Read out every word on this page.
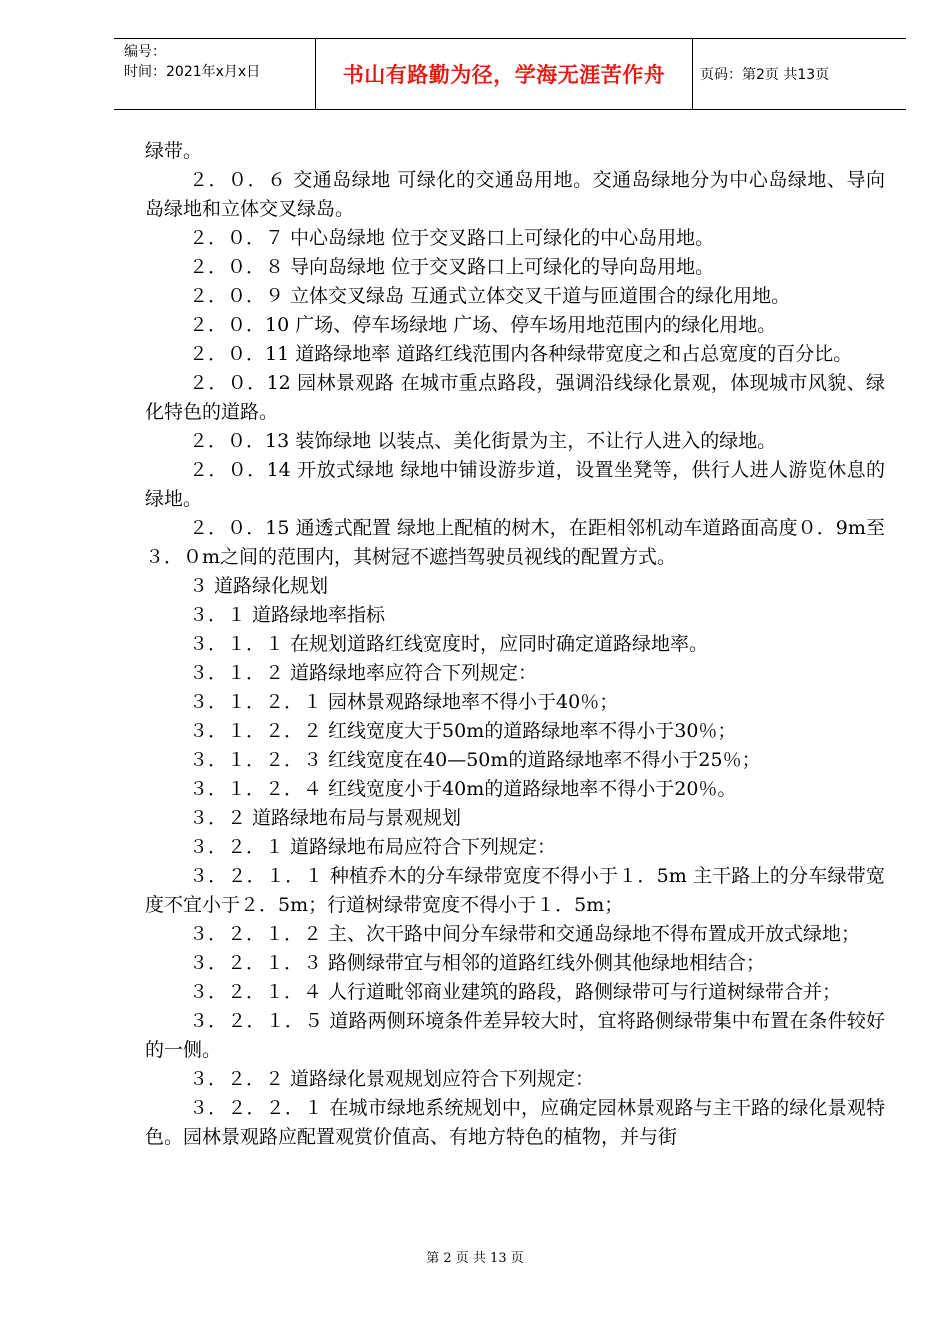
编号：
时间：2021年x月x日	书山有路勤为径，学海无涯苦作舟	页码：第2页 共13页

绿带。

２．０．６ 交通岛绿地 可绿化的交通岛用地。交通岛绿地分为中心岛绿地、导向岛绿地和立体交叉绿岛。

２．０．７ 中心岛绿地 位于交叉路口上可绿化的中心岛用地。

２．０．８ 导向岛绿地 位于交叉路口上可绿化的导向岛用地。

２．０．９ 立体交叉绿岛 互通式立体交叉干道与匝道围合的绿化用地。

２．０．10 广场、停车场绿地 广场、停车场用地范围内的绿化用地。

２．０．11 道路绿地率 道路红线范围内各种绿带宽度之和占总宽度的百分比。

２．０．12 园林景观路 在城市重点路段，强调沿线绿化景观，体现城市风貌、绿化特色的道路。

２．０．13 装饰绿地 以装点、美化街景为主，不让行人进入的绿地。

２．０．14 开放式绿地 绿地中铺设游步道，设置坐凳等，供行人进人游览休息的绿地。

２．０．15 通透式配置 绿地上配植的树木，在距相邻机动车道路面高度０．9m至 ３．０m之间的范围内，其树冠不遮挡驾驶员视线的配置方式。

３ 道路绿化规划

３．１ 道路绿地率指标

３．１．１ 在规划道路红线宽度时，应同时确定道路绿地率。

３．１．２ 道路绿地率应符合下列规定：

３．１．２．１ 园林景观路绿地率不得小于40％；

３．１．２．２ 红线宽度大于50m的道路绿地率不得小于30％；

３．１．２．３ 红线宽度在40—50m的道路绿地率不得小于25％；

３．１．２．４ 红线宽度小于40m的道路绿地率不得小于20％。

３．２ 道路绿地布局与景观规划

３．２．１ 道路绿地布局应符合下列规定：

３．２．１．１ 种植乔木的分车绿带宽度不得小于１．5m 主干路上的分车绿带宽度不宜小于２．5m；行道树绿带宽度不得小于１．5m；

３．２．１．２ 主、次干路中间分车绿带和交通岛绿地不得布置成开放式绿地；

３．２．１．３ 路侧绿带宜与相邻的道路红线外侧其他绿地相结合；

３．２．１．４ 人行道毗邻商业建筑的路段，路侧绿带可与行道树绿带合并；

３．２．１．５ 道路两侧环境条件差异较大时，宜将路侧绿带集中布置在条件较好的一侧。

３．２．２ 道路绿化景观规划应符合下列规定：

３．２．２．１ 在城市绿地系统规划中，应确定园林景观路与主干路的绿化景观特色。园林景观路应配置观赏价值高、有地方特色的植物，并与街

第 2 页 共 13 页
